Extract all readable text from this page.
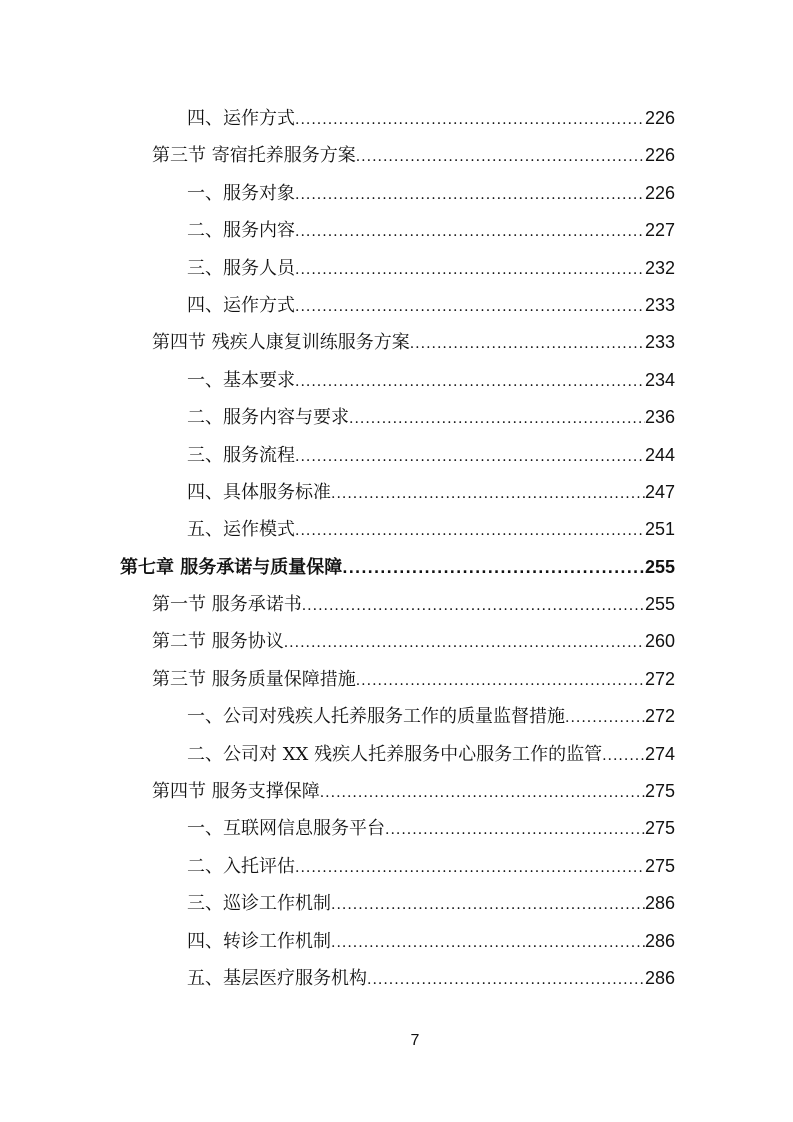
四、运作方式 .....	226
第三节 寄宿托养服务方案 .....	226
一、服务对象 .....	226
二、服务内容 .....	227
三、服务人员 .....	232
四、运作方式 .....	233
第四节 残疾人康复训练服务方案 .....	233
一、基本要求 .....	234
二、服务内容与要求 .....	236
三、服务流程 .....	244
四、具体服务标准 .....	247
五、运作模式 .....	251
第七章 服务承诺与质量保障 .....	255
第一节 服务承诺书 .....	255
第二节 服务协议 .....	260
第三节 服务质量保障措施 .....	272
一、公司对残疾人托养服务工作的质量监督措施 .....	272
二、公司对 XX 残疾人托养服务中心服务工作的监管 ..... 274
第四节 服务支撑保障 .....	275
一、互联网信息服务平台 .....	275
二、入托评估 .....	275
三、巡诊工作机制 .....	286
四、转诊工作机制 .....	286
五、基层医疗服务机构 .....	286
7
